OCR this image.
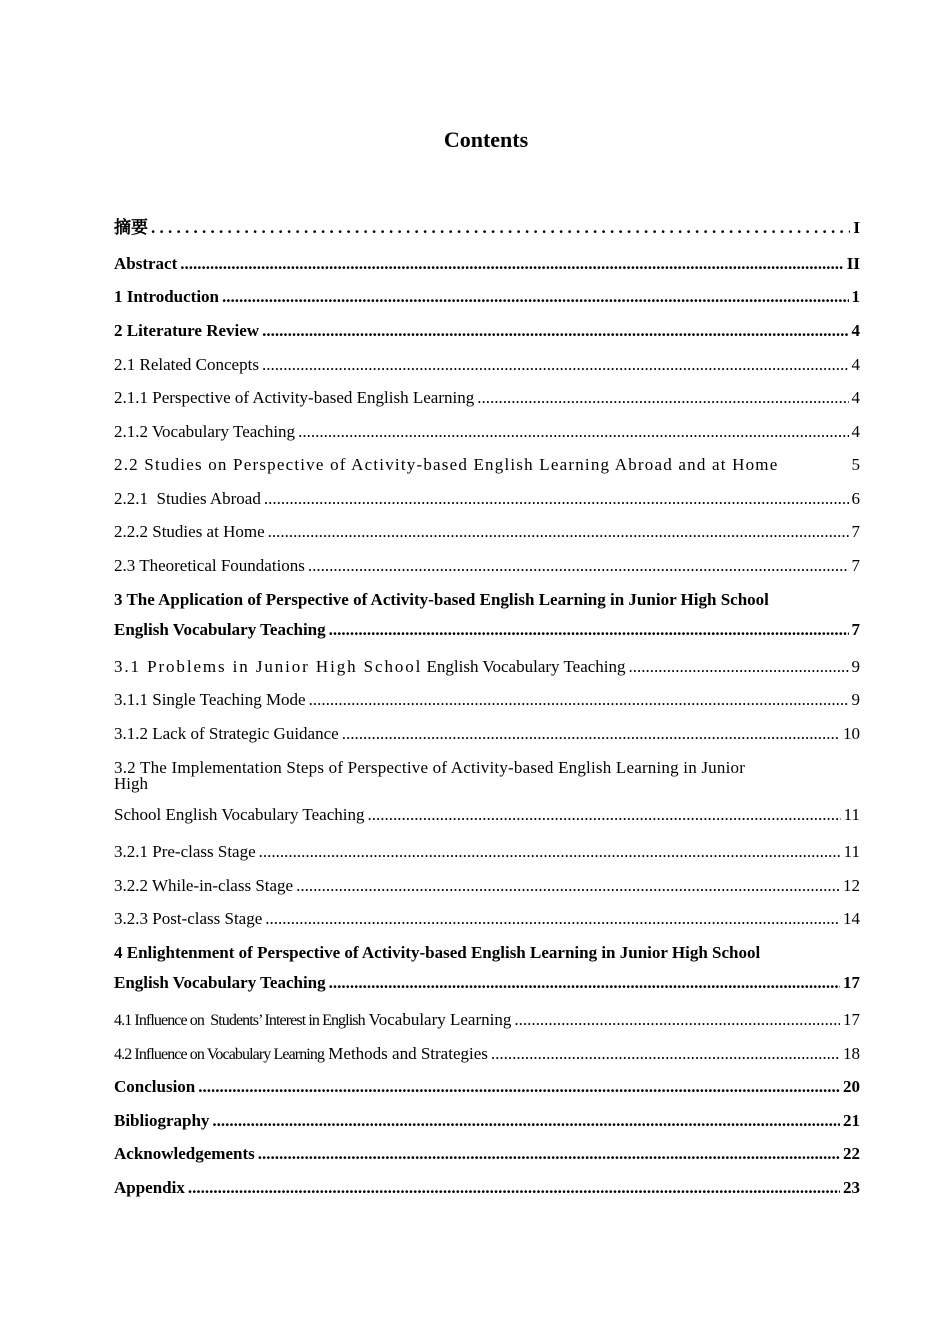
Contents
摘要 . . .	I
Abstract .....	II
1 Introduction .....	1
2 Literature Review .....	4
2.1 Related Concepts .....	4
2.1.1 Perspective of Activity-based English Learning .....	4
2.1.2 Vocabulary Teaching .....	4
2.2 Studies on Perspective of Activity-based English Learning Abroad and at Home	5
2.2.1  Studies Abroad .....	6
2.2.2 Studies at Home .....	7
2.3 Theoretical Foundations .....	7
3 The Application of Perspective of Activity-based English Learning in Junior High School
English Vocabulary Teaching .....	7
3.1 Problems in Junior High School English Vocabulary Teaching .....	9
3.1.1 Single Teaching Mode .....	9
3.1.2 Lack of Strategic Guidance .....	10
3.2 The Implementation Steps of Perspective of Activity-based English Learning in Junior
High
School English Vocabulary Teaching .....	11
3.2.1 Pre-class Stage .....	11
3.2.2 While-in-class Stage .....	12
3.2.3 Post-class Stage .....	14
4 Enlightenment of Perspective of Activity-based English Learning in Junior High School
English Vocabulary Teaching .....	17
4.1 Influence on  Students’ Interest in English Vocabulary Learning .....	17
4.2 Influence on Vocabulary Learning Methods and Strategies .....	18
Conclusion .....	20
Bibliography .....	21
Acknowledgements .....	22
Appendix .....	23
